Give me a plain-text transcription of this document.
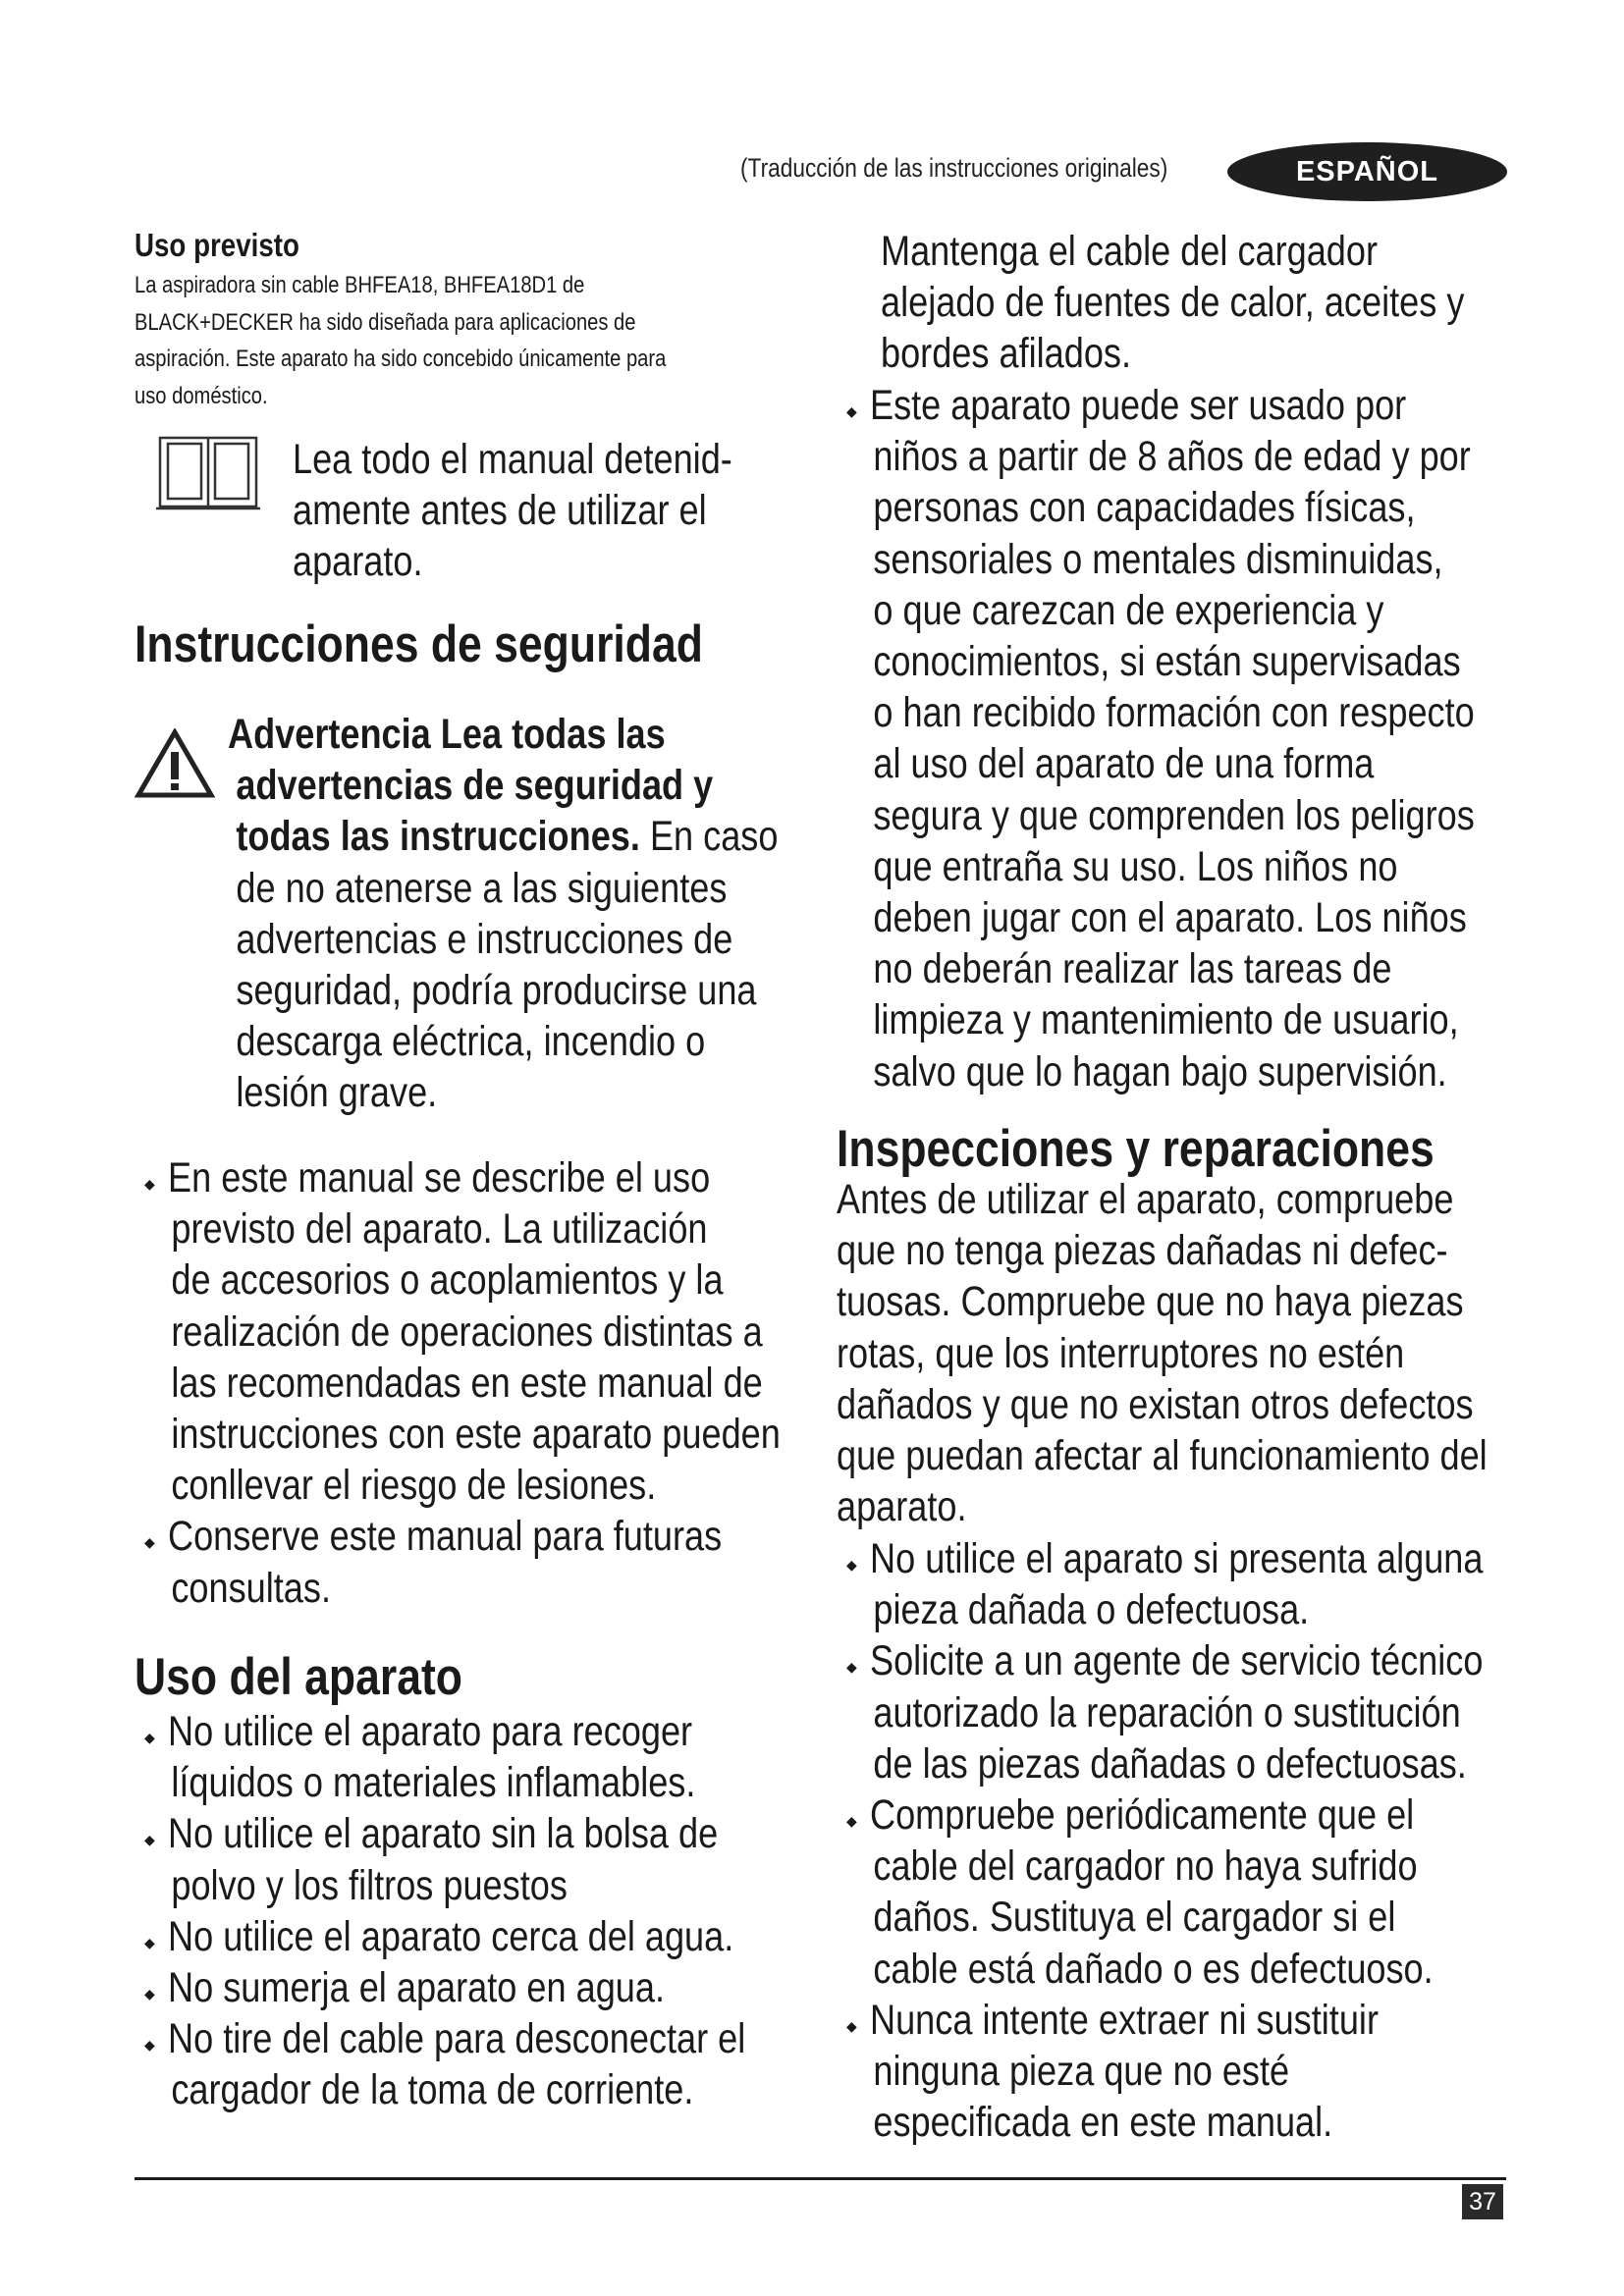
(Traducción de las instrucciones originales)	ESPAÑOL
Uso previsto
La aspiradora sin cable BHFEA18, BHFEA18D1 de
BLACK+DECKER ha sido diseñada para aplicaciones de
aspiración. Este aparato ha sido concebido únicamente para
uso doméstico.
Lea todo el manual detenid-
amente antes de utilizar el
aparato.
Instrucciones de seguridad
Advertencia Lea todas las
advertencias de seguridad y
todas las instrucciones. En caso
de no atenerse a las siguientes
advertencias e instrucciones de
seguridad, podría producirse una
descarga eléctrica, incendio o
lesión grave.
◆ En este manual se describe el uso
previsto del aparato. La utilización
de accesorios o acoplamientos y la
realización de operaciones distintas a
las recomendadas en este manual de
instrucciones con este aparato pueden
conllevar el riesgo de lesiones.
◆ Conserve este manual para futuras
consultas.
Uso del aparato
◆ No utilice el aparato para recoger
líquidos o materiales inflamables.
◆ No utilice el aparato sin la bolsa de
polvo y los filtros puestos
◆ No utilice el aparato cerca del agua.
◆ No sumerja el aparato en agua.
◆ No tire del cable para desconectar el
cargador de la toma de corriente.
Mantenga el cable del cargador
alejado de fuentes de calor, aceites y
bordes afilados.
◆ Este aparato puede ser usado por
niños a partir de 8 años de edad y por
personas con capacidades físicas,
sensoriales o mentales disminuidas,
o que carezcan de experiencia y
conocimientos, si están supervisadas
o han recibido formación con respecto
al uso del aparato de una forma
segura y que comprenden los peligros
que entraña su uso. Los niños no
deben jugar con el aparato. Los niños
no deberán realizar las tareas de
limpieza y mantenimiento de usuario,
salvo que lo hagan bajo supervisión.
Inspecciones y reparaciones
Antes de utilizar el aparato, compruebe
que no tenga piezas dañadas ni defec-
tuosas. Compruebe que no haya piezas
rotas, que los interruptores no estén
dañados y que no existan otros defectos
que puedan afectar al funcionamiento del
aparato.
◆ No utilice el aparato si presenta alguna
pieza dañada o defectuosa.
◆ Solicite a un agente de servicio técnico
autorizado la reparación o sustitución
de las piezas dañadas o defectuosas.
◆ Compruebe periódicamente que el
cable del cargador no haya sufrido
daños. Sustituya el cargador si el
cable está dañado o es defectuoso.
◆ Nunca intente extraer ni sustituir
ninguna pieza que no esté
especificada en este manual.
37
